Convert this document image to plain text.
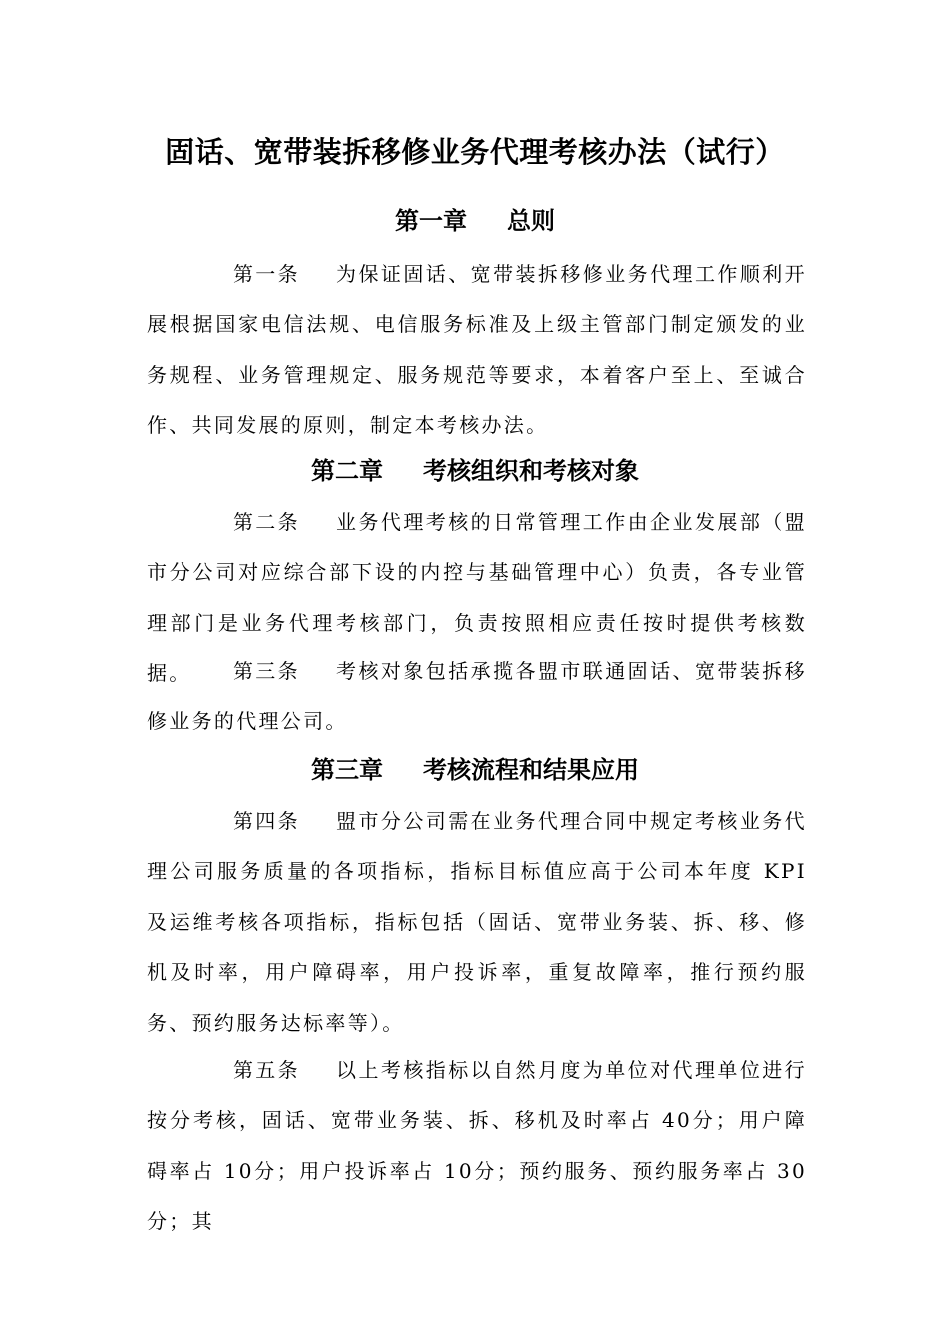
固话、宽带装拆移修业务代理考核办法（试行）
第一章 总则

第一条 为保证固话、宽带装拆移修业务代理工作顺利开展根据国家电信法规、电信服务标准及上级主管部门制定颁发的业务规程、业务管理规定、服务规范等要求，本着客户至上、至诚合作、共同发展的原则，制定本考核办法。

第二章 考核组织和考核对象

第二条 业务代理考核的日常管理工作由企业发展部（盟市分公司对应综合部下设的内控与基础管理中心）负责，各专业管理部门是业务代理考核部门，负责按照相应责任按时提供考核数据。	第三条 考核对象包括承揽各盟市联通固话、宽带装拆移修业务的代理公司。

第三章 考核流程和结果应用

第四条 盟市分公司需在业务代理合同中规定考核业务代理公司服务质量的各项指标，指标目标值应高于公司本年度 KPI 及运维考核各项指标，指标包括（固话、宽带业务装、拆、移、修机及时率，用户障碍率，用户投诉率，重复故障率，推行预约服务、预约服务达标率等）。

第五条 以上考核指标以自然月度为单位对代理单位进行按分考核，固话、宽带业务装、拆、移机及时率占 40分；用户障碍率占 10分；用户投诉率占 10分；预约服务、预约服务率占 30分；其
